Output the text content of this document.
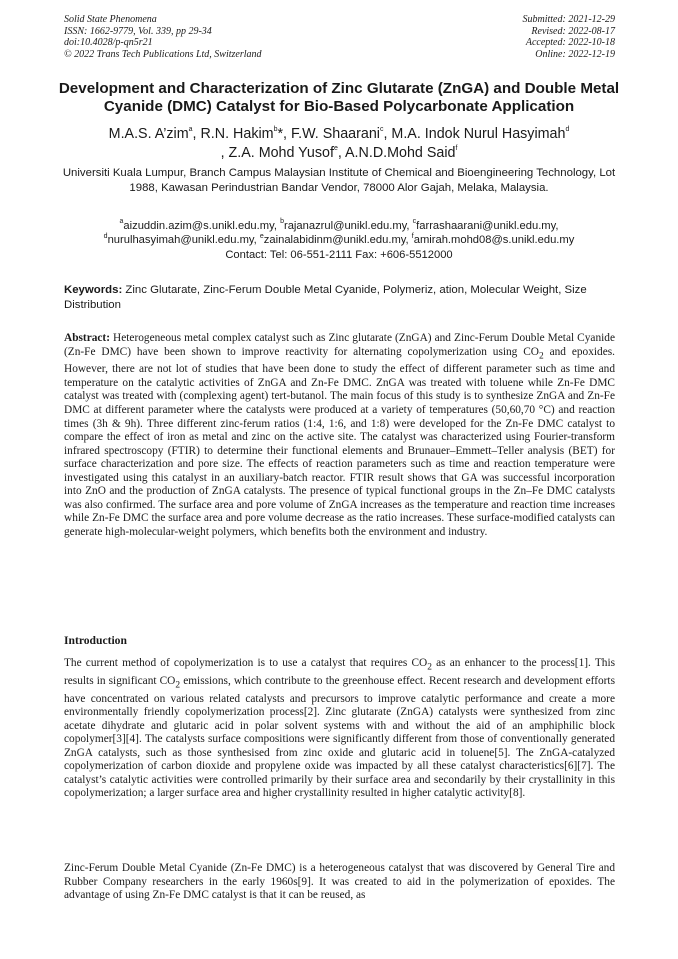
Solid State Phenomena
ISSN: 1662-9779, Vol. 339, pp 29-34
doi:10.4028/p-qn5r21
© 2022 Trans Tech Publications Ltd, Switzerland
Submitted: 2021-12-29
Revised: 2022-08-17
Accepted: 2022-10-18
Online: 2022-12-19
Development and Characterization of Zinc Glutarate (ZnGA) and Double Metal Cyanide (DMC) Catalyst for Bio-Based Polycarbonate Application
M.A.S. A’zim$^a$, R.N. Hakim$^b$*, F.W. Shaarani$^c$, M.A. Indok Nurul Hasyimah$^d$
, Z.A. Mohd Yusof$^e$, A.N.D.Mohd Said$^f$
Universiti Kuala Lumpur, Branch Campus Malaysian Institute of Chemical and Bioengineering Technology, Lot 1988, Kawasan Perindustrian Bandar Vendor, 78000 Alor Gajah, Melaka, Malaysia.
$^a$aizuddin.azim@s.unikl.edu.my, $^b$rajanazrul@unikl.edu.my, $^c$farrashaarani@unikl.edu.my,
$^d$nurulhasyimah@unikl.edu.my, $^e$zainalabidinm@unikl.edu.my, $^f$amirah.mohd08@s.unikl.edu.my
Contact: Tel: 06-551-2111 Fax: +606-5512000
Keywords: Zinc Glutarate, Zinc-Ferum Double Metal Cyanide, Polymeriz, ation, Molecular Weight, Size Distribution
Abstract: Heterogeneous metal complex catalyst such as Zinc glutarate (ZnGA) and Zinc-Ferum Double Metal Cyanide (Zn-Fe DMC) have been shown to improve reactivity for alternating copolymerization using $CO_2$ and epoxides. However, there are not lot of studies that have been done to study the effect of different parameter such as time and temperature on the catalytic activities of ZnGA and Zn-Fe DMC. ZnGA was treated with toluene while Zn-Fe DMC catalyst was treated with (complexing agent) tert-butanol. The main focus of this study is to synthesize ZnGA and Zn-Fe DMC at different parameter where the catalysts were produced at a variety of temperatures (50,60,70 °C) and reaction times (3h & 9h). Three different zinc-ferum ratios (1:4, 1:6, and 1:8) were developed for the Zn-Fe DMC catalyst to compare the effect of iron as metal and zinc on the active site. The catalyst was characterized using Fourier-transform infrared spectroscopy (FTIR) to determine their functional elements and Brunauer–Emmett–Teller analysis (BET) for surface characterization and pore size. The effects of reaction parameters such as time and reaction temperature were investigated using this catalyst in an auxiliary-batch reactor. FTIR result shows that GA was successful incorporation into ZnO and the production of ZnGA catalysts. The presence of typical functional groups in the Zn–Fe DMC catalysts was also confirmed. The surface area and pore volume of ZnGA increases as the temperature and reaction time increases while Zn-Fe DMC the surface area and pore volume decrease as the ratio increases. These surface-modified catalysts can generate high-molecular-weight polymers, which benefits both the environment and industry.
Introduction
The current method of copolymerization is to use a catalyst that requires $CO_2$ as an enhancer to the process[1]. This results in significant $CO_2$ emissions, which contribute to the greenhouse effect. Recent research and development efforts have concentrated on various related catalysts and precursors to improve catalytic performance and create a more environmentally friendly copolymerization process[2]. Zinc glutarate (ZnGA) catalysts were synthesized from zinc acetate dihydrate and glutaric acid in polar solvent systems with and without the aid of an amphiphilic block copolymer[3][4]. The catalysts surface compositions were significantly different from those of conventionally generated ZnGA catalysts, such as those synthesised from zinc oxide and glutaric acid in toluene[5]. The ZnGA-catalyzed copolymerization of carbon dioxide and propylene oxide was impacted by all these catalyst characteristics[6][7]. The catalyst’s catalytic activities were controlled primarily by their surface area and secondarily by their crystallinity in this copolymerization; a larger surface area and higher crystallinity resulted in higher catalytic activity[8].
Zinc-Ferum Double Metal Cyanide (Zn-Fe DMC) is a heterogeneous catalyst that was discovered by General Tire and Rubber Company researchers in the early 1960s[9]. It was created to aid in the polymerization of epoxides. The advantage of using Zn-Fe DMC catalyst is that it can be reused, as
